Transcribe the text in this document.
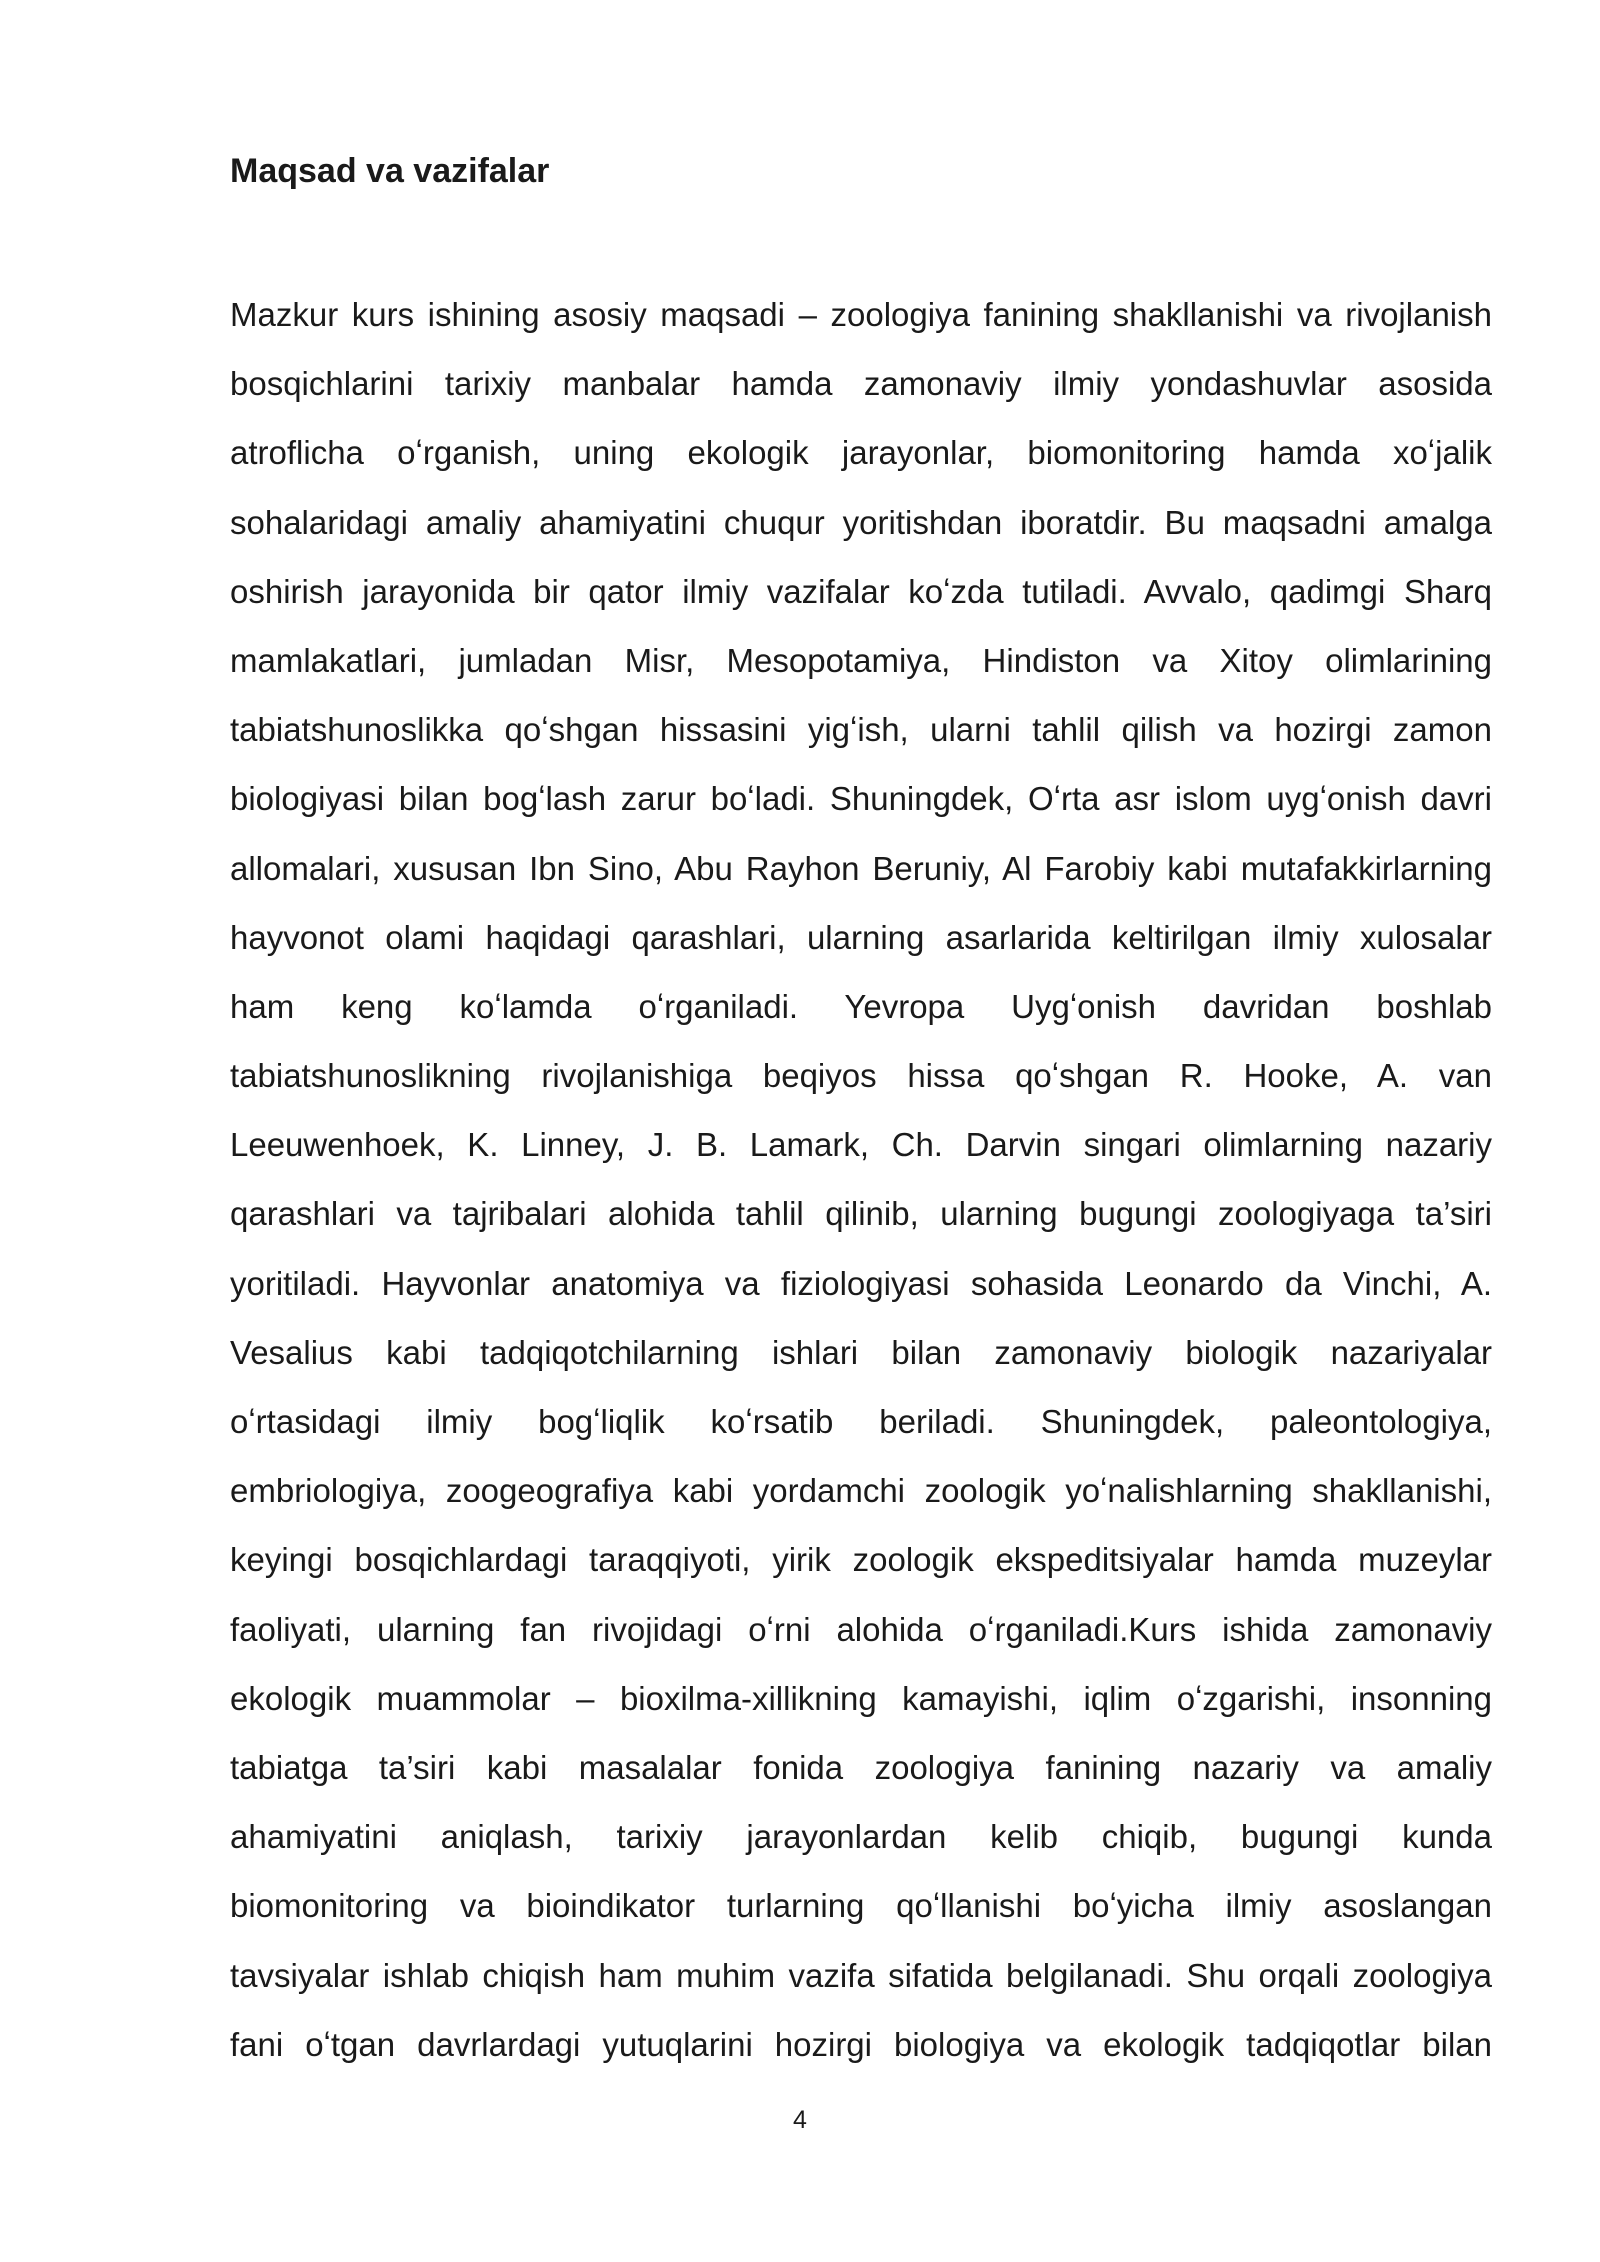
Maqsad va vazifalar
Mazkur kurs ishining asosiy maqsadi – zoologiya fanining shakllanishi va rivojlanish
bosqichlarini tarixiy manbalar hamda zamonaviy ilmiy yondashuvlar asosida
atroflicha oʻrganish, uning ekologik jarayonlar, biomonitoring hamda xoʻjalik
sohalaridagi amaliy ahamiyatini chuqur yoritishdan iboratdir. Bu maqsadni amalga
oshirish jarayonida bir qator ilmiy vazifalar koʻzda tutiladi. Avvalo, qadimgi Sharq
mamlakatlari, jumladan Misr, Mesopotamiya, Hindiston va Xitoy olimlarining
tabiatshunoslikka qoʻshgan hissasini yigʻish, ularni tahlil qilish va hozirgi zamon
biologiyasi bilan bogʻlash zarur boʻladi. Shuningdek, Oʻrta asr islom uygʻonish davri
allomalari, xususan Ibn Sino, Abu Rayhon Beruniy, Al Farobiy kabi mutafakkirlarning
hayvonot olami haqidagi qarashlari, ularning asarlarida keltirilgan ilmiy xulosalar
ham keng koʻlamda oʻrganiladi. Yevropa Uygʻonish davridan boshlab
tabiatshunoslikning rivojlanishiga beqiyos hissa qoʻshgan R. Hooke, A. van
Leeuwenhoek, K. Linney, J. B. Lamark, Ch. Darvin singari olimlarning nazariy
qarashlari va tajribalari alohida tahlil qilinib, ularning bugungi zoologiyaga ta’siri
yoritiladi. Hayvonlar anatomiya va fiziologiyasi sohasida Leonardo da Vinchi, A.
Vesalius kabi tadqiqotchilarning ishlari bilan zamonaviy biologik nazariyalar
oʻrtasidagi ilmiy bogʻliqlik koʻrsatib beriladi. Shuningdek, paleontologiya,
embriologiya, zoogeografiya kabi yordamchi zoologik yoʻnalishlarning shakllanishi,
keyingi bosqichlardagi taraqqiyoti, yirik zoologik ekspeditsiyalar hamda muzeylar
faoliyati, ularning fan rivojidagi oʻrni alohida oʻrganiladi.Kurs ishida zamonaviy
ekologik muammolar – bioxilma-xillikning kamayishi, iqlim oʻzgarishi, insonning
tabiatga ta’siri kabi masalalar fonida zoologiya fanining nazariy va amaliy
ahamiyatini aniqlash, tarixiy jarayonlardan kelib chiqib, bugungi kunda
biomonitoring va bioindikator turlarning qoʻllanishi boʻyicha ilmiy asoslangan
tavsiyalar ishlab chiqish ham muhim vazifa sifatida belgilanadi. Shu orqali zoologiya
fani oʻtgan davrlardagi yutuqlarini hozirgi biologiya va ekologik tadqiqotlar bilan
4
